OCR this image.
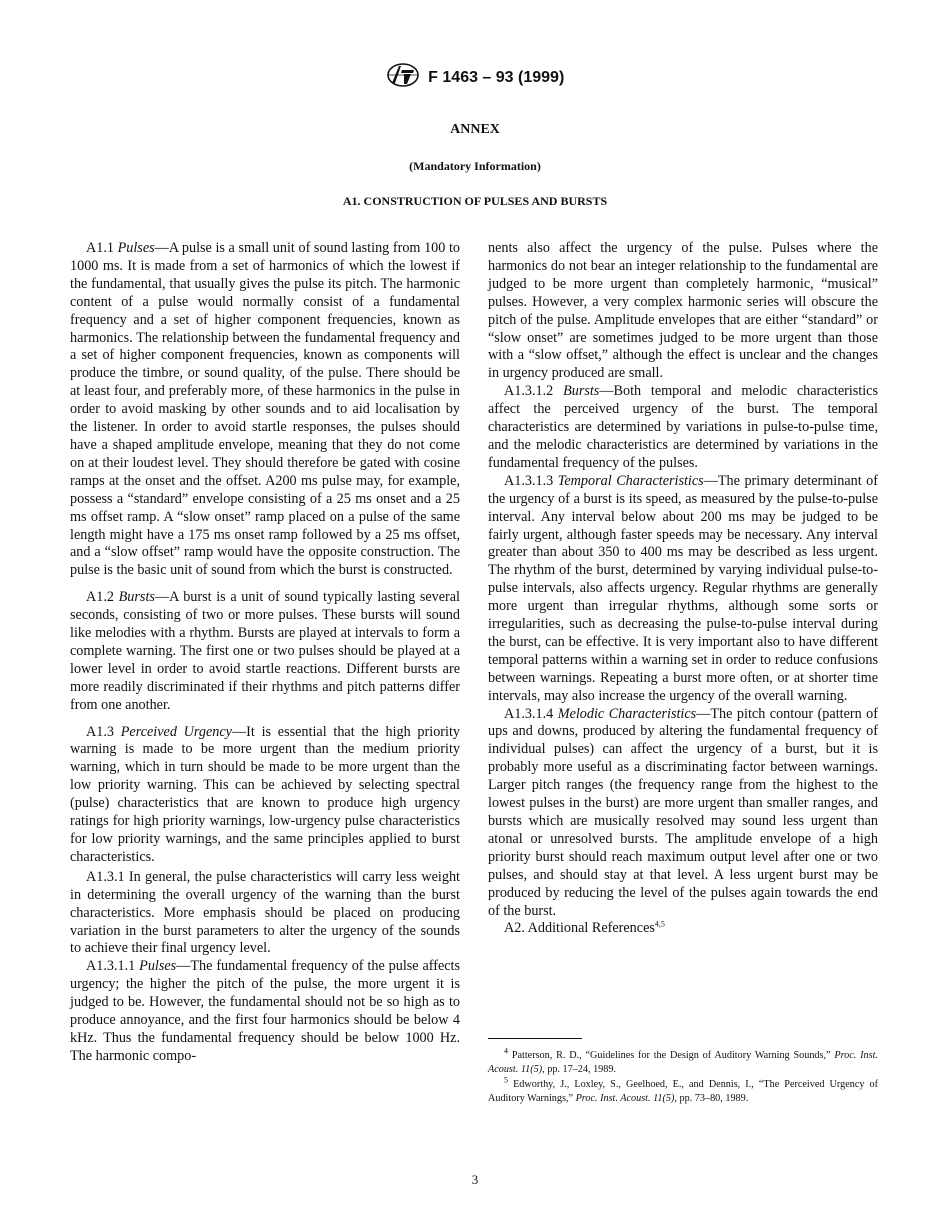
F 1463 – 93 (1999)
ANNEX
(Mandatory Information)
A1. CONSTRUCTION OF PULSES AND BURSTS

A1.1 Pulses—A pulse is a small unit of sound lasting from 100 to 1000 ms. It is made from a set of harmonics of which the lowest if the fundamental, that usually gives the pulse its pitch. The harmonic content of a pulse would normally consist of a fundamental frequency and a set of higher component frequencies, known as harmonics. The relationship between the fundamental frequency and a set of higher component frequencies, known as components will produce the timbre, or sound quality, of the pulse. There should be at least four, and preferably more, of these harmonics in the pulse in order to avoid masking by other sounds and to aid localisation by the listener. In order to avoid startle responses, the pulses should have a shaped amplitude envelope, meaning that they do not come on at their loudest level. They should therefore be gated with cosine ramps at the onset and the offset. A200 ms pulse may, for example, possess a “standard” envelope consisting of a 25 ms onset and a 25 ms offset ramp. A “slow onset” ramp placed on a pulse of the same length might have a 175 ms onset ramp followed by a 25 ms offset, and a “slow offset” ramp would have the opposite construction. The pulse is the basic unit of sound from which the burst is constructed.

A1.2 Bursts—A burst is a unit of sound typically lasting several seconds, consisting of two or more pulses. These bursts will sound like melodies with a rhythm. Bursts are played at intervals to form a complete warning. The first one or two pulses should be played at a lower level in order to avoid startle reactions. Different bursts are more readily discriminated if their rhythms and pitch patterns differ from one another.

A1.3 Perceived Urgency—It is essential that the high priority warning is made to be more urgent than the medium priority warning, which in turn should be made to be more urgent than the low priority warning. This can be achieved by selecting spectral (pulse) characteristics that are known to produce high urgency ratings for high priority warnings, low-urgency pulse characteristics for low priority warnings, and the same principles applied to burst characteristics.

A1.3.1 In general, the pulse characteristics will carry less weight in determining the overall urgency of the warning than the burst characteristics. More emphasis should be placed on producing variation in the burst parameters to alter the urgency of the sounds to achieve their final urgency level.

A1.3.1.1 Pulses—The fundamental frequency of the pulse affects urgency; the higher the pitch of the pulse, the more urgent it is judged to be. However, the fundamental should not be so high as to produce annoyance, and the first four harmonics should be below 4 kHz. Thus the fundamental frequency should be below 1000 Hz. The harmonic compo-

nents also affect the urgency of the pulse. Pulses where the harmonics do not bear an integer relationship to the fundamental are judged to be more urgent than completely harmonic, “musical” pulses. However, a very complex harmonic series will obscure the pitch of the pulse. Amplitude envelopes that are either “standard” or “slow onset” are sometimes judged to be more urgent than those with a “slow offset,” although the effect is unclear and the changes in urgency produced are small.

A1.3.1.2 Bursts—Both temporal and melodic characteristics affect the perceived urgency of the burst. The temporal characteristics are determined by variations in pulse-to-pulse time, and the melodic characteristics are determined by variations in the fundamental frequency of the pulses.

A1.3.1.3 Temporal Characteristics—The primary determinant of the urgency of a burst is its speed, as measured by the pulse-to-pulse interval. Any interval below about 200 ms may be judged to be fairly urgent, although faster speeds may be necessary. Any interval greater than about 350 to 400 ms may be described as less urgent. The rhythm of the burst, determined by varying individual pulse-to-pulse intervals, also affects urgency. Regular rhythms are generally more urgent than irregular rhythms, although some sorts or irregularities, such as decreasing the pulse-to-pulse interval during the burst, can be effective. It is very important also to have different temporal patterns within a warning set in order to reduce confusions between warnings. Repeating a burst more often, or at shorter time intervals, may also increase the urgency of the overall warning.

A1.3.1.4 Melodic Characteristics—The pitch contour (pattern of ups and downs, produced by altering the fundamental frequency of individual pulses) can affect the urgency of a burst, but it is probably more useful as a discriminating factor between warnings. Larger pitch ranges (the frequency range from the highest to the lowest pulses in the burst) are more urgent than smaller ranges, and bursts which are musically resolved may sound less urgent than atonal or unresolved bursts. The amplitude envelope of a high priority burst should reach maximum output level after one or two pulses, and should stay at that level. A less urgent burst may be produced by reducing the level of the pulses again towards the end of the burst.

A2. Additional References$^{4,5}$

$^4$ Patterson, R. D., “Guidelines for the Design of Auditory Warning Sounds,” Proc. Inst. Acoust. 11(5), pp. 17–24, 1989.

$^5$ Edworthy, J., Loxley, S., Geelhoed, E., and Dennis, I., “The Perceived Urgency of Auditory Warnings,” Proc. Inst. Acoust. 11(5), pp. 73–80, 1989.

3
